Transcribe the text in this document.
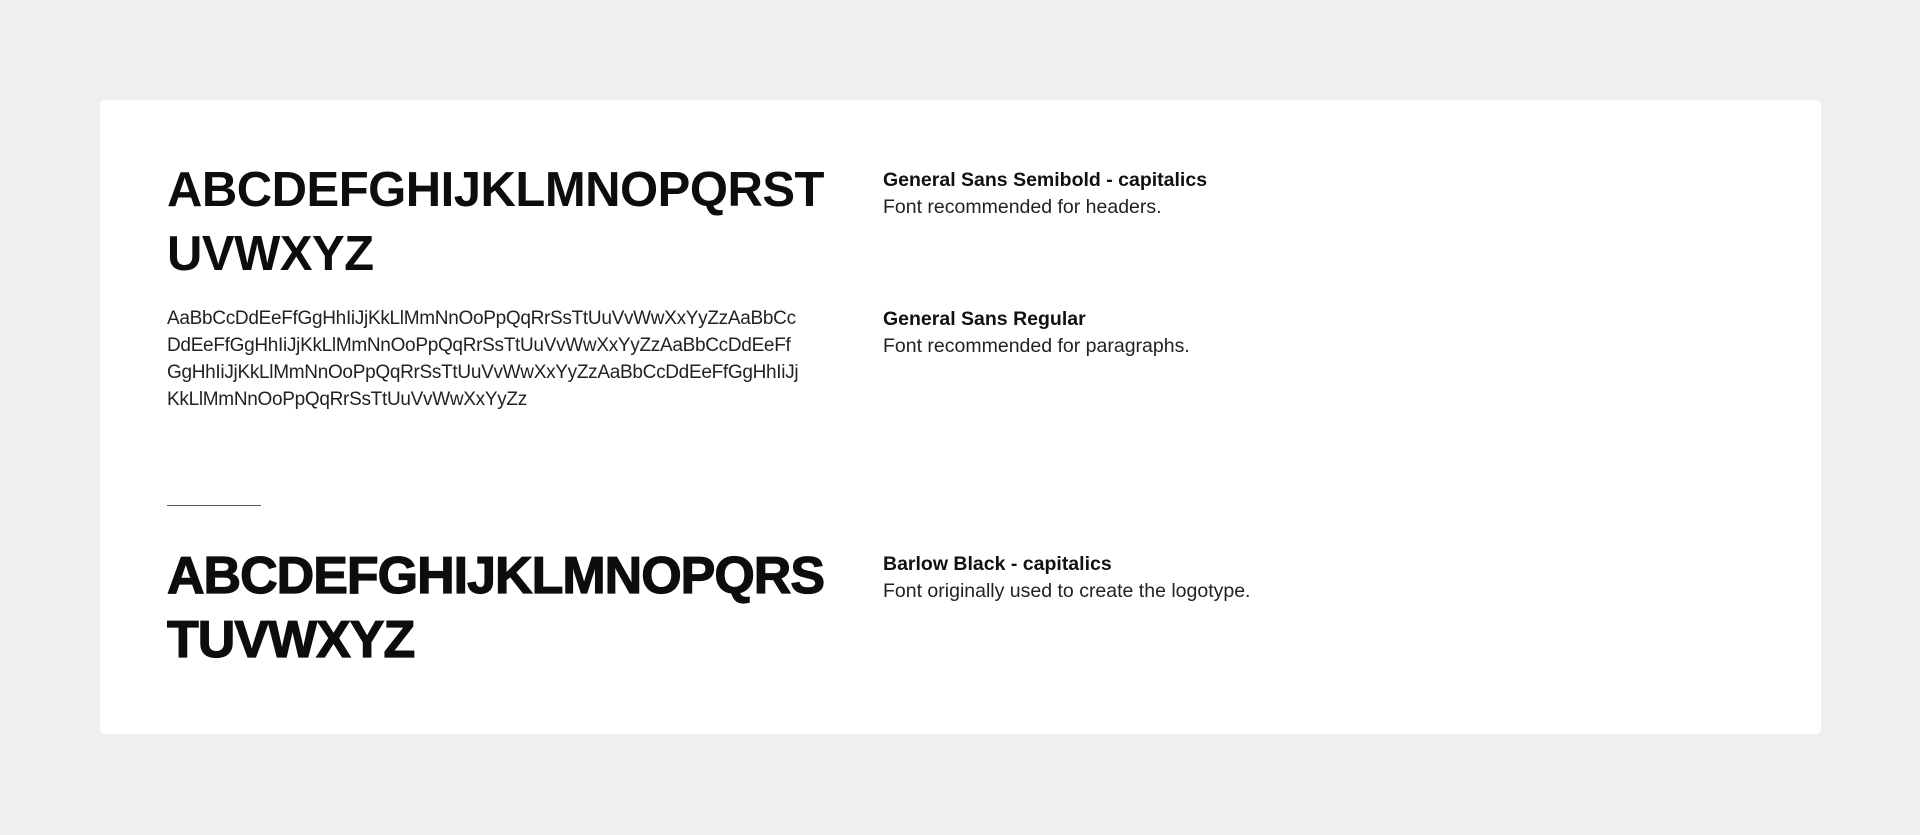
ABCDEFGHIJKLMNOPQRSTUVWXYZ

AaBbCcDdEeFfGgHhIiJjKkLlMmNnOoPpQqRrSsTtUuVvWwXxYyZzAaBbCcDdEeFfGgHhIiJjKkLlMmNnOoPpQqRrSsTtUuVvWwXxYyZzAaBbCcDdEeFfGgHhIiJjKkLlMmNnOoPpQqRrSsTtUuVvWwXxYyZzAaBbCcDdEeFfGgHhIiJjKkLlMmNnOoPpQqRrSsTtUuVvWwXxYyZz

ABCDEFGHIJKLMNOPQRSTUVWXYZ

General Sans Semibold - capitalics
Font recommended for headers.
General Sans Regular
Font recommended for paragraphs.
Barlow Black - capitalics
Font originally used to create the logotype.
